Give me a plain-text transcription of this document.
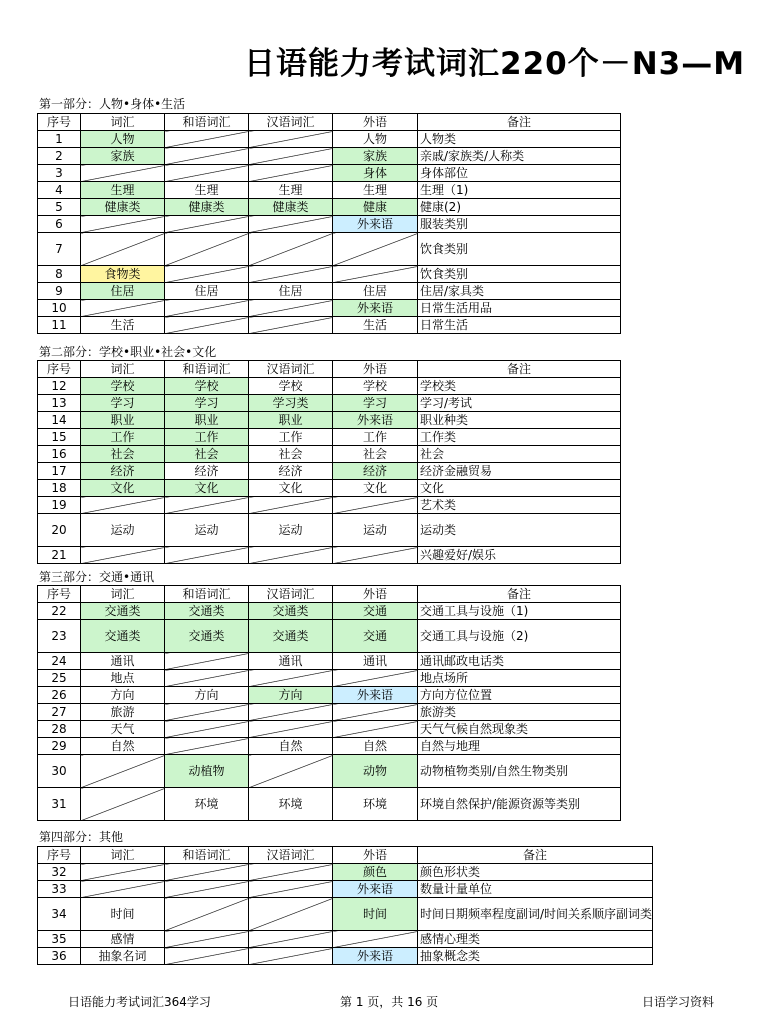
日语能力考试词汇220个－N3—M
第一部分：人物•身体•生活
序号	词汇	和语词汇	汉语词汇	外语	备注
1	人物			人物	人物类
2	家族			家族	亲戚/家族类/人称类
3				身体	身体部位
4	生理	生理	生理	生理	生理（1)
5	健康类	健康类	健康类	健康	健康(2)
6				外来语	服装类别
7					饮食类别
8	食物类				饮食类别
9	住居	住居	住居	住居	住居/家具类
10				外来语	日常生活用品
11	生活			生活	日常生活
第二部分：学校•职业•社会•文化
序号	词汇	和语词汇	汉语词汇	外语	备注
12	学校	学校	学校	学校	学校类
13	学习	学习	学习类	学习	学习/考试
14	职业	职业	职业	外来语	职业种类
15	工作	工作	工作	工作	工作类
16	社会	社会	社会	社会	社会
17	经济	经济	经济	经济	经济金融贸易
18	文化	文化	文化	文化	文化
19					艺术类
20	运动	运动	运动	运动	运动类
21					兴趣爱好/娱乐
第三部分：交通•通讯
序号	词汇	和语词汇	汉语词汇	外语	备注
22	交通类	交通类	交通类	交通	交通工具与设施（1)
23	交通类	交通类	交通类	交通	交通工具与设施（2)
24	通讯		通讯	通讯	通讯邮政电话类
25	地点				地点场所
26	方向	方向	方向	外来语	方向方位位置
27	旅游				旅游类
28	天气				天气气候自然现象类
29	自然		自然	自然	自然与地理
30		动植物		动物	动物植物类别/自然生物类别
31		环境	环境	环境	环境自然保护/能源资源等类别
第四部分：其他
序号	词汇	和语词汇	汉语词汇	外语	备注
32				颜色	颜色形状类
33				外来语	数量计量单位
34	时间			时间	时间日期频率程度副词/时间关系顺序副词类
35	感情				感情心理类
36	抽象名词			外来语	抽象概念类
日语能力考试词汇364学习	第 1 页，共 16 页	日语学习资料
